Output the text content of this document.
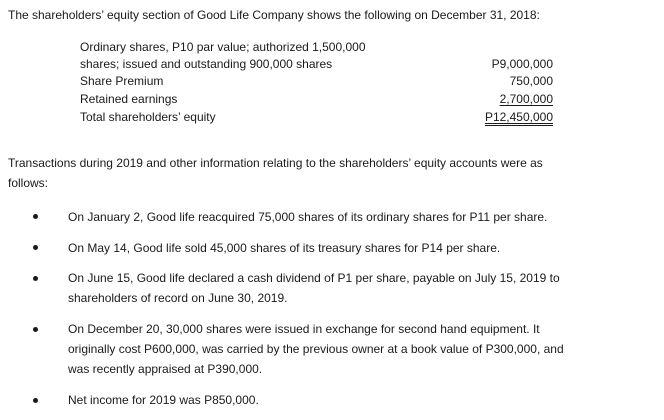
The shareholders’ equity section of Good Life Company shows the following on December 31, 2018:
Ordinary shares, P10 par value; authorized 1,500,000
shares; issued and outstanding 900,000 shares	P9,000,000
Share Premium	750,000
Retained earnings	2,700,000
Total shareholders’ equity	P12,450,000
Transactions during 2019 and other information relating to the shareholders’ equity accounts were as
follows:
On January 2, Good life reacquired 75,000 shares of its ordinary shares for P11 per share.
On May 14, Good life sold 45,000 shares of its treasury shares for P14 per share.
On June 15, Good life declared a cash dividend of P1 per share, payable on July 15, 2019 to
shareholders of record on June 30, 2019.
On December 20, 30,000 shares were issued in exchange for second hand equipment. It
originally cost P600,000, was carried by the previous owner at a book value of P300,000, and
was recently appraised at P390,000.
Net income for 2019 was P850,000.
